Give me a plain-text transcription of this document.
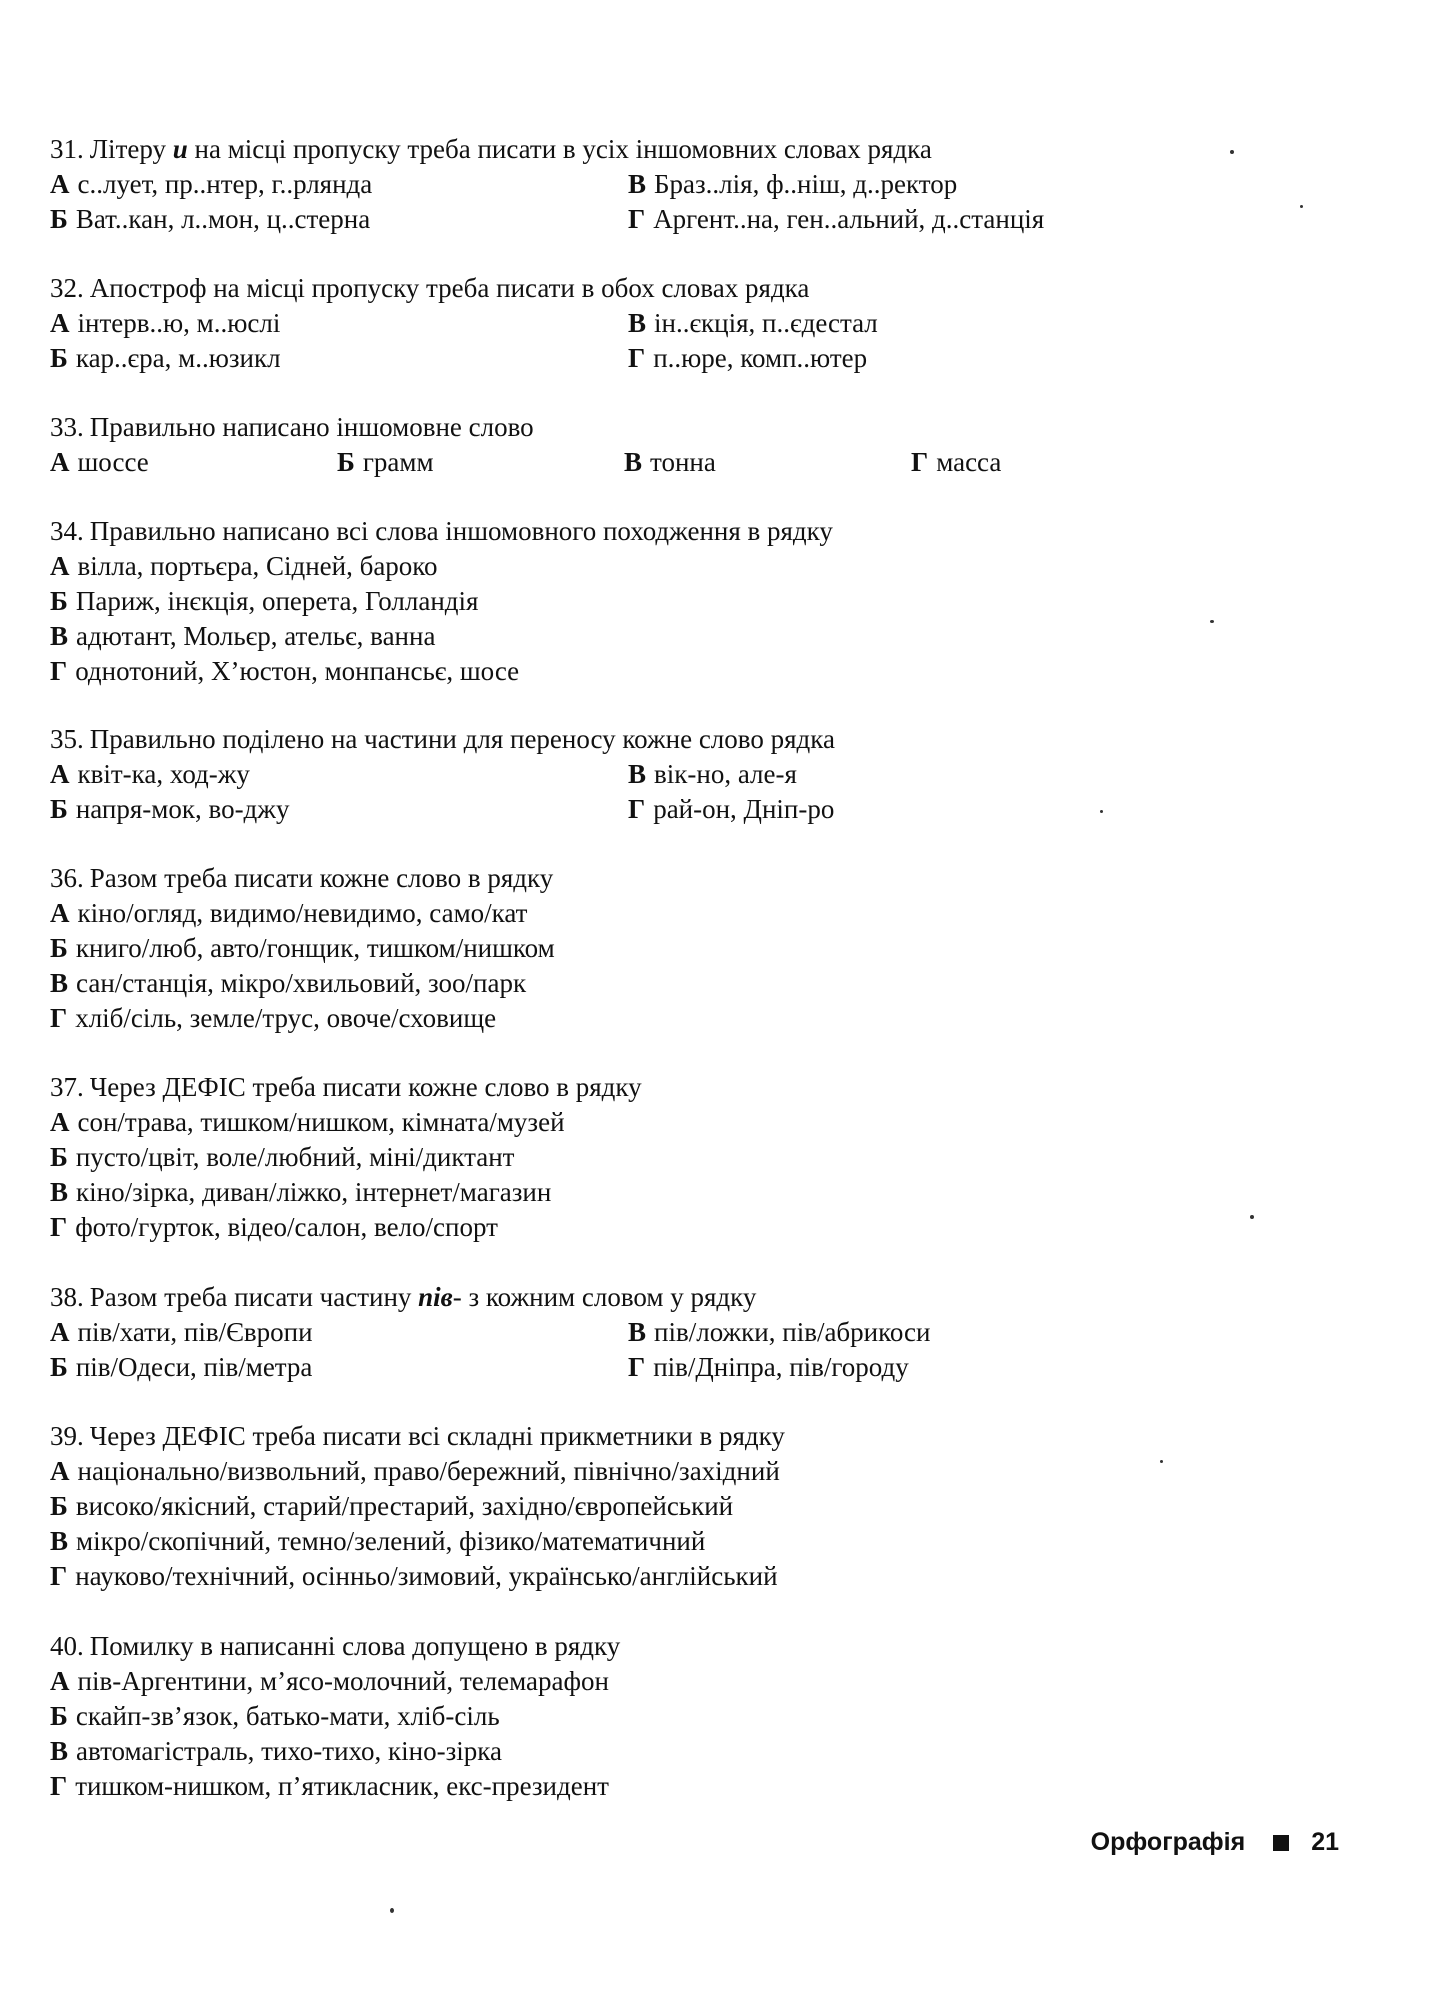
31. Літеру и на місці пропуску треба писати в усіх іншомовних словах рядка
А с..лует, пр..нтер, г..рлянда	В Браз..лія, ф..ніш, д..ректор
Б Ват..кан, л..мон, ц..стерна	Г Аргент..на, ген..альний, д..станція
32. Апостроф на місці пропуску треба писати в обох словах рядка
А інтерв..ю, м..юслі	В ін..єкція, п..єдестал
Б кар..єра, м..юзикл	Г п..юре, комп..ютер
33. Правильно написано іншомовне слово
А шоссе	Б грамм	В тонна	Г масса
34. Правильно написано всі слова іншомовного походження в рядку
А вілла, портьєра, Сідней, бароко
Б Париж, інєкція, оперета, Голландія
В адютант, Мольєр, ательє, ванна
Г однотоний, Х’юстон, монпансьє, шосе
35. Правильно поділено на частини для переносу кожне слово рядка
А квіт-ка, ход-жу	В вік-но, але-я
Б напря-мок, во-джу	Г рай-он, Дніп-ро
36. Разом треба писати кожне слово в рядку
А кіно/огляд, видимо/невидимо, само/кат
Б книго/люб, авто/гонщик, тишком/нишком
В сан/станція, мікро/хвильовий, зоо/парк
Г хліб/сіль, земле/трус, овоче/сховище
37. Через ДЕФІС треба писати кожне слово в рядку
А сон/трава, тишком/нишком, кімната/музей
Б пусто/цвіт, воле/любний, міні/диктант
В кіно/зірка, диван/ліжко, інтернет/магазин
Г фото/гурток, відео/салон, вело/спорт
38. Разом треба писати частину пів- з кожним словом у рядку
А пів/хати, пів/Європи	В пів/ложки, пів/абрикоси
Б пів/Одеси, пів/метра	Г пів/Дніпра, пів/городу
39. Через ДЕФІС треба писати всі складні прикметники в рядку
А національно/визвольний, право/бережний, північно/західний
Б високо/якісний, старий/престарий, західно/європейський
В мікро/скопічний, темно/зелений, фізико/математичний
Г науково/технічний, осінньо/зимовий, українсько/англійський
40. Помилку в написанні слова допущено в рядку
А пів-Аргентини, м’ясо-молочний, телемарафон
Б скайп-зв’язок, батько-мати, хліб-сіль
В автомагістраль, тихо-тихо, кіно-зірка
Г тишком-нишком, п’ятикласник, екс-президент
Орфографія	21
